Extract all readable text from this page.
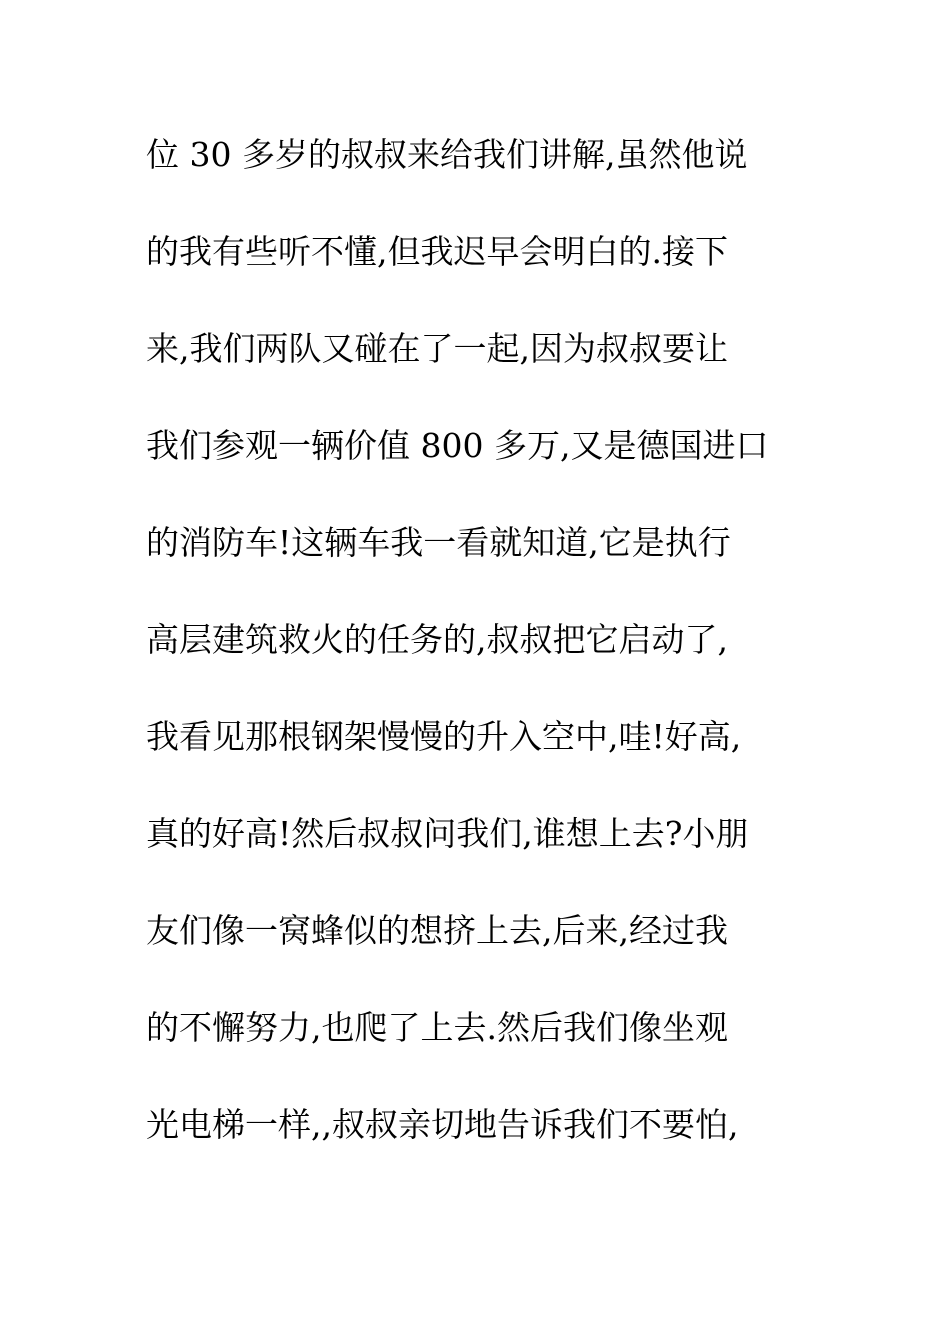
位 30 多岁的叔叔来给我们讲解,虽然他说
的我有些听不懂,但我迟早会明白的.接下
来,我们两队又碰在了一起,因为叔叔要让
我们参观一辆价值 800 多万,又是德国进口
的消防车!这辆车我一看就知道,它是执行
高层建筑救火的任务的,叔叔把它启动了,
我看见那根钢架慢慢的升入空中,哇!好高,
真的好高!然后叔叔问我们,谁想上去?小朋
友们像一窝蜂似的想挤上去,后来,经过我
的不懈努力,也爬了上去.然后我们像坐观
光电梯一样,,叔叔亲切地告诉我们不要怕,
